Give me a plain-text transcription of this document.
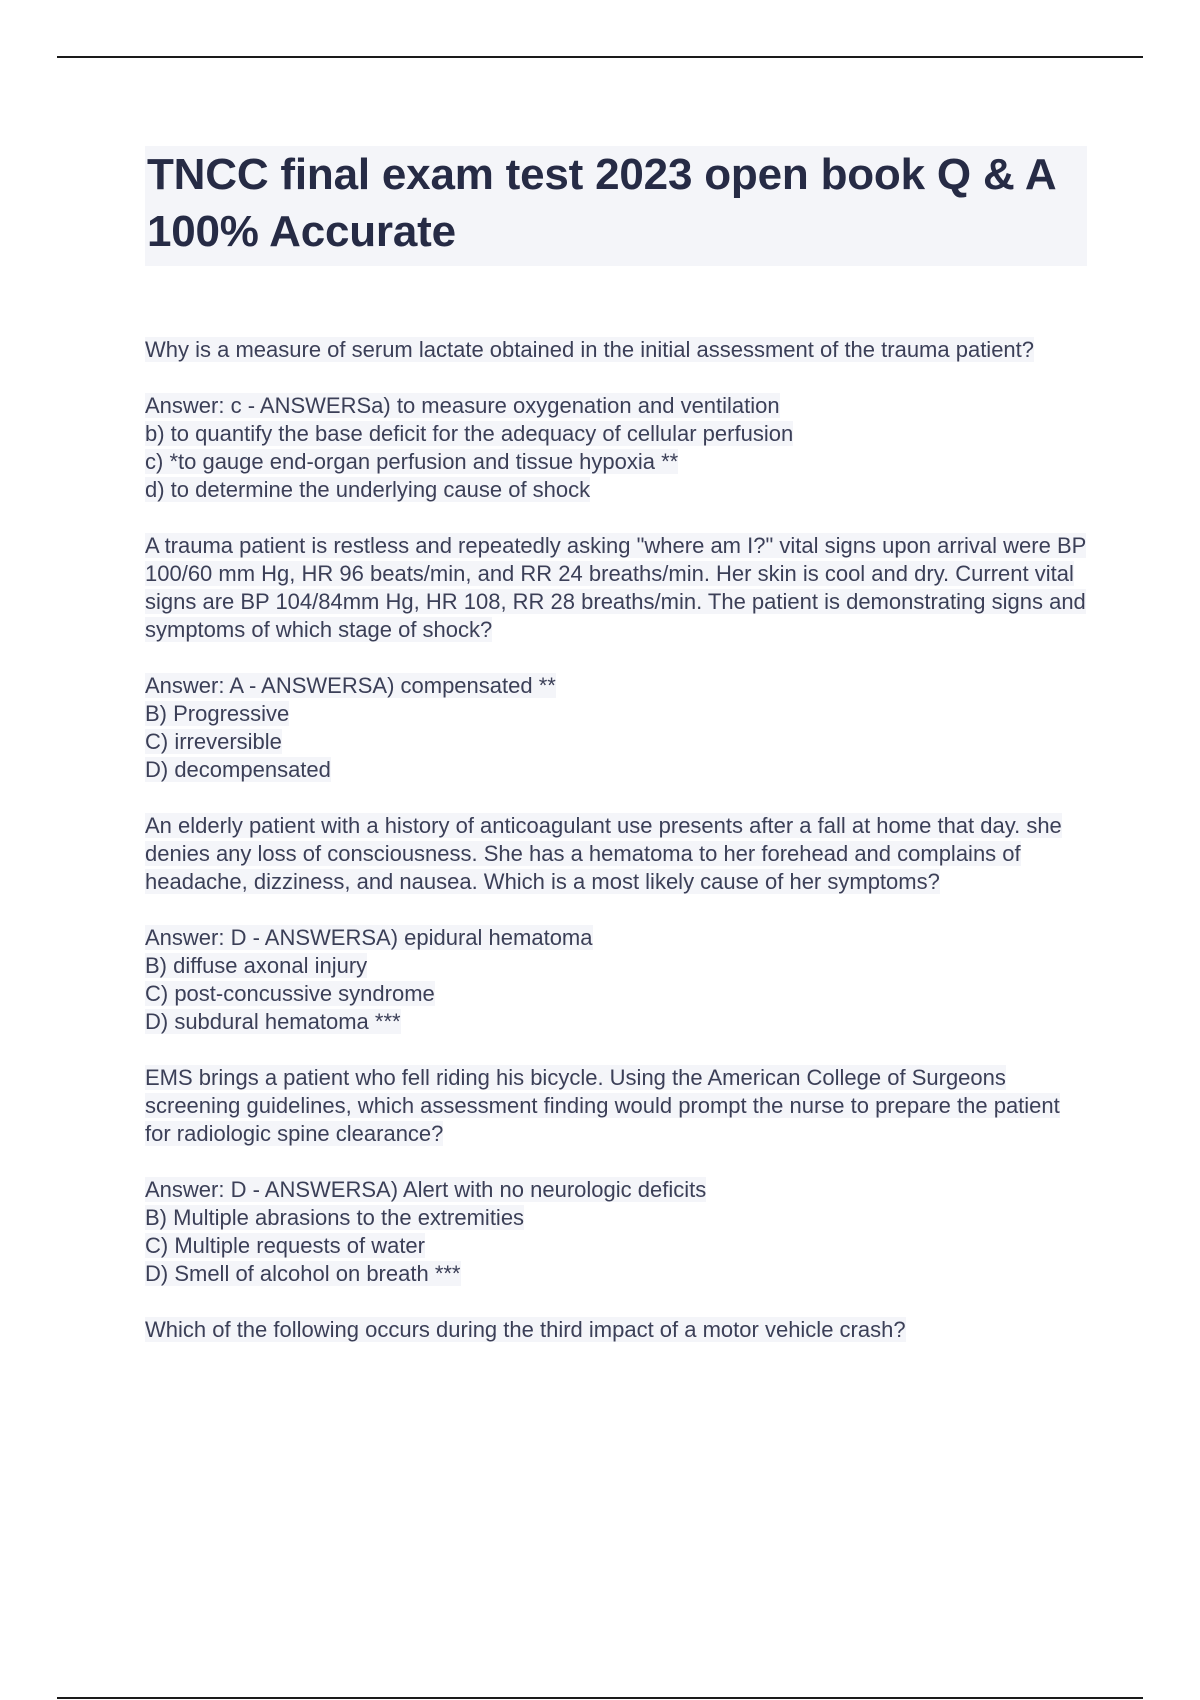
TNCC final exam test 2023 open book Q & A 100% Accurate

Why is a measure of serum lactate obtained in the initial assessment of the trauma patient?

Answer: c - ANSWERSa) to measure oxygenation and ventilation
b) to quantify the base deficit for the adequacy of cellular perfusion
c) *to gauge end-organ perfusion and tissue hypoxia **
d) to determine the underlying cause of shock

A trauma patient is restless and repeatedly asking "where am I?" vital signs upon arrival were BP 100/60 mm Hg, HR 96 beats/min, and RR 24 breaths/min. Her skin is cool and dry. Current vital signs are BP 104/84mm Hg, HR 108, RR 28 breaths/min. The patient is demonstrating signs and symptoms of which stage of shock?

Answer: A - ANSWERSA) compensated **
B) Progressive
C) irreversible
D) decompensated

An elderly patient with a history of anticoagulant use presents after a fall at home that day. she denies any loss of consciousness. She has a hematoma to her forehead and complains of headache, dizziness, and nausea. Which is a most likely cause of her symptoms?

Answer: D - ANSWERSA) epidural hematoma
B) diffuse axonal injury
C) post-concussive syndrome
D) subdural hematoma ***

EMS brings a patient who fell riding his bicycle. Using the American College of Surgeons screening guidelines, which assessment finding would prompt the nurse to prepare the patient for radiologic spine clearance?

Answer: D - ANSWERSA) Alert with no neurologic deficits
B) Multiple abrasions to the extremities
C) Multiple requests of water
D) Smell of alcohol on breath ***

Which of the following occurs during the third impact of a motor vehicle crash?
